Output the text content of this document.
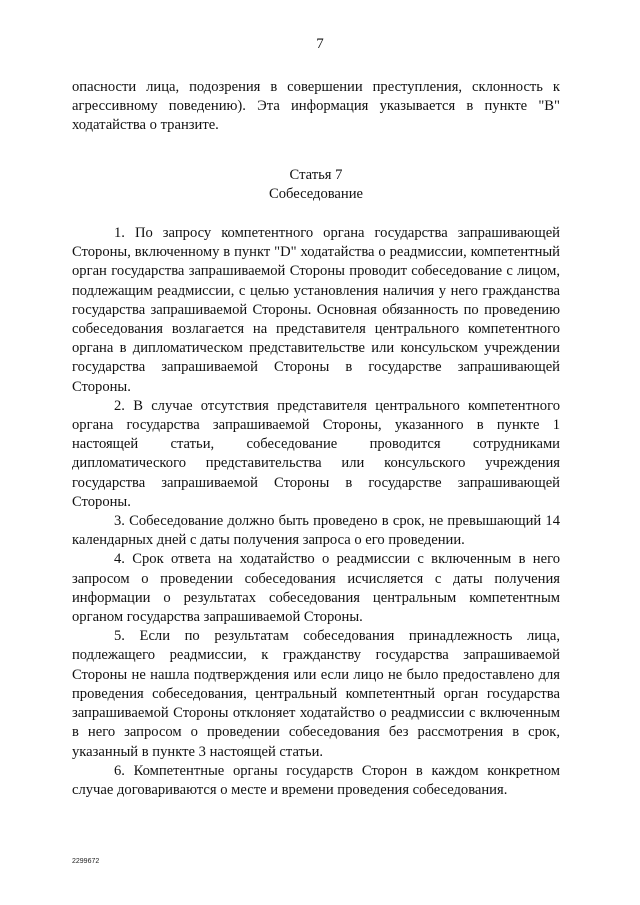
7

опасности лица, подозрения в совершении преступления, склонность к агрессивному поведению). Эта информация указывается в пункте "B" ходатайства о транзите.

Статья 7

Собеседование

1. По запросу компетентного органа государства запрашивающей Стороны, включенному в пункт "D" ходатайства о реадмиссии, компетентный орган государства запрашиваемой Стороны проводит собеседование с лицом, подлежащим реадмиссии, с целью установления наличия у него гражданства государства запрашиваемой Стороны. Основная обязанность по проведению собеседования возлагается на представителя центрального компетентного органа в дипломатическом представительстве или консульском учреждении государства запрашиваемой Стороны в государстве запрашивающей Стороны.

2. В случае отсутствия представителя центрального компетентного органа государства запрашиваемой Стороны, указанного в пункте 1 настоящей статьи, собеседование проводится сотрудниками дипломатического представительства или консульского учреждения государства запрашиваемой Стороны в государстве запрашивающей Стороны.

3. Собеседование должно быть проведено в срок, не превышающий 14 календарных дней с даты получения запроса о его проведении.

4. Срок ответа на ходатайство о реадмиссии с включенным в него запросом о проведении собеседования исчисляется с даты получения информации о результатах собеседования центральным компетентным органом государства запрашиваемой Стороны.

5. Если по результатам собеседования принадлежность лица, подлежащего реадмиссии, к гражданству государства запрашиваемой Стороны не нашла подтверждения или если лицо не было предоставлено для проведения собеседования, центральный компетентный орган государства запрашиваемой Стороны отклоняет ходатайство о реадмиссии с включенным в него запросом о проведении собеседования без рассмотрения в срок, указанный в пункте 3 настоящей статьи.

6. Компетентные органы государств Сторон в каждом конкретном случае договариваются о месте и времени проведения собеседования.

2299672
